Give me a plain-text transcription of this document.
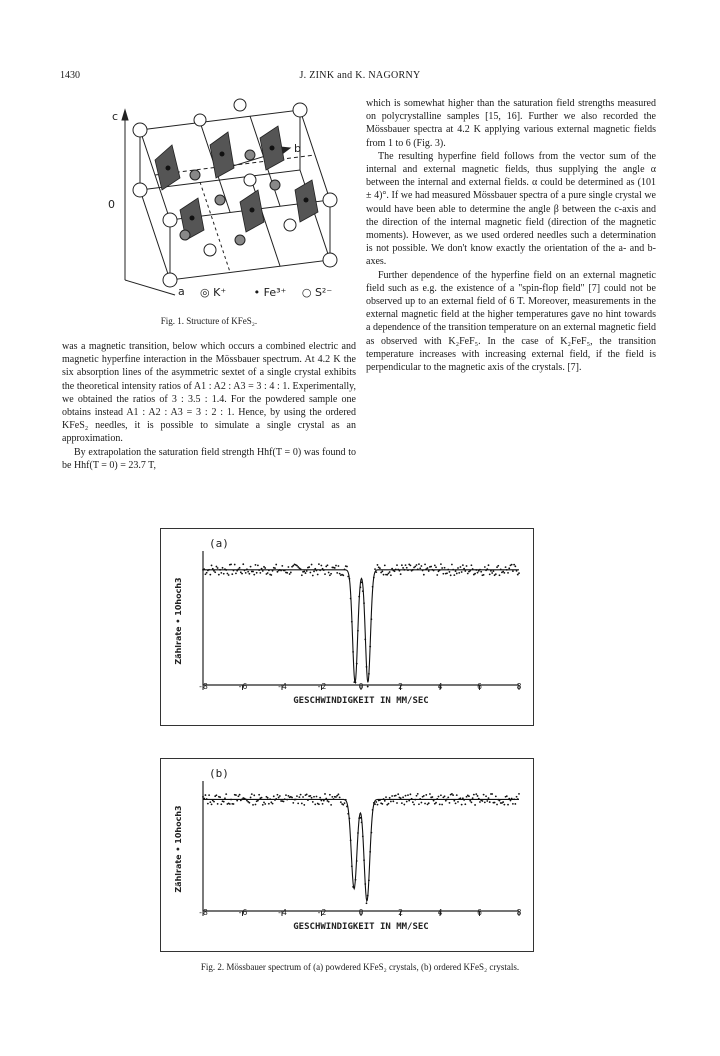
1430	J. ZINK and K. NAGORNY
c
b
a
0
◎ K⁺	• Fe³⁺ ○ S²⁻
Fig. 1. Structure of KFeS₂.

was a magnetic transition, below which occurs a combined electric and magnetic hyperfine interaction in the Mössbauer spectrum. At 4.2 K the six absorption lines of the asymmetric sextet of a single crystal exhibits the theoretical intensity ratios of A1 : A2 : A3 = 3 : 4 : 1. Experimentally, we obtained the ratios of 3 : 3.5 : 1.4. For the powdered sample one obtains instead A1 : A2 : A3 = 3 : 2 : 1. Hence, by using the ordered KFeS₂ needles, it is possible to simulate a single crystal as an approximation.

By extrapolation the saturation field strength Hhf(T = 0) was found to be Hhf(T = 0) = 23.7 T,

which is somewhat higher than the saturation field strengths measured on polycrystalline samples [15, 16]. Further we also recorded the Mössbauer spectra at 4.2 K applying various external magnetic fields from 1 to 6 (Fig. 3).

The resulting hyperfine field follows from the vector sum of the internal and external magnetic fields, thus supplying the angle α between the internal and external fields. α could be determined as (101 ± 4)°. If we had measured Mössbauer spectra of a pure single crystal we would have been able to determine the angle β between the c-axis and the direction of the internal magnetic field (direction of the magnetic moments). However, as we used ordered needles such a determination is not possible. We don't know exactly the orientation of the a- and b-axes.

Further dependence of the hyperfine field on an external magnetic field such as e.g. the existence of a "spin-flop field" [7] could not be observed up to an external field of 6 T. Moreover, measurements in the external magnetic field at the higher temperatures gave no hint towards a dependence of the transition temperature on an external magnetic field as observed with K₂FeF₅. In the case of K₂FeF₅, the transition temperature increases with increasing external field, if the field is perpendicular to the magnetic axis of the crystals. [7].

-8	-6	-4	-2	0	2	4	6	8
(a)
GESCHWINDIGKEIT IN MM/SEC
Zählrate • 10hoch3
-8	-6	-4	-2	0	2	4	6	8
(b)
GESCHWINDIGKEIT IN MM/SEC
Zählrate • 10hoch3
Fig. 2. Mössbauer spectrum of (a) powdered KFeS₂ crystals, (b) ordered KFeS₂ crystals.
